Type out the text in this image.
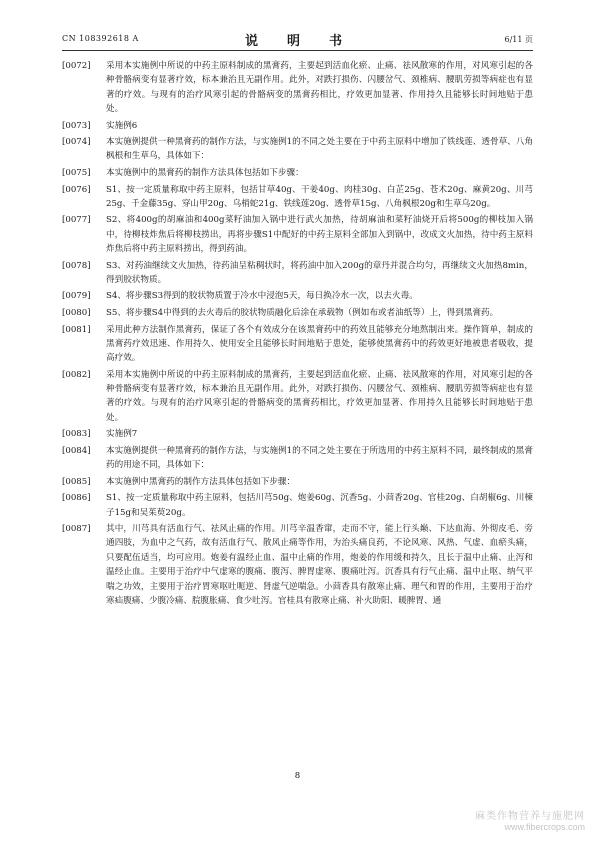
CN 108392618 A	说　明　书	6/11 页
[0072] 采用本实施例中所说的中药主原料制成的黑膏药，主要起到活血化瘀、止痛、祛风散寒的作用，对风寒引起的各种骨骼病变有显著疗效，标本兼治且无副作用。此外，对跌打损伤、闪腰岔气、颈椎病、腰肌劳损等病症也有显著的疗效。与现有的治疗风寒引起的骨骼病变的黑膏药相比，疗效更加显著、作用持久且能够长时间地贴于患处。
[0073] 实施例6
[0074] 本实施例提供一种黑膏药的制作方法，与实施例1的不同之处主要在于中药主原料中增加了铁线莲、透骨草、八角枫根和生草乌，具体如下：
[0075] 本实施例中的黑膏药的制作方法具体包括如下步骤：
[0076] S1、按一定质量称取中药主原料，包括甘草40g、干姜40g、肉桂30g、白芷25g、苍术20g、麻黄20g、川芎25g、千金藤35g、穿山甲20g、乌梢蛇21g、铁线莲20g、透骨草15g、八角枫根20g和生草乌20g。
[0077] S2、将400g的胡麻油和400g菜籽油加入锅中进行武火加热，待胡麻油和菜籽油烧开后将500g的柳枝加入锅中，待柳枝炸焦后将柳枝捞出，再将步骤S1中配好的中药主原料全部加入到锅中，改成文火加热，待中药主原料炸焦后将中药主原料捞出，得到药油。
[0078] S3、对药油继续文火加热，待药油呈粘稠状时，将药油中加入200g的章丹并混合均匀，再继续文火加热8min，得到胶状物质。
[0079] S4、将步骤S3得到的胶状物质置于冷水中浸泡5天，每日换冷水一次，以去火毒。
[0080] S5、将步骤S4中得到的去火毒后的胶状物质融化后涂在承载物（例如布或者油纸等）上，得到黑膏药。
[0081] 采用此种方法制作黑膏药，保证了各个有效成分在该黑膏药中的药效且能够充分地熬制出来。操作简单，制成的黑膏药疗效迅速、作用持久、使用安全且能够长时间地贴于患处，能够使黑膏药中的药效更好地被患者吸收，提高疗效。
[0082] 采用本实施例中所说的中药主原料制成的黑膏药，主要起到活血化瘀、止痛、祛风散寒的作用，对风寒引起的各种骨骼病变有显著疗效，标本兼治且无副作用。此外，对跌打损伤、闪腰岔气、颈椎病、腰肌劳损等病症也有显著的疗效。与现有的治疗风寒引起的骨骼病变的黑膏药相比，疗效更加显著、作用持久且能够长时间地贴于患处。
[0083] 实施例7
[0084] 本实施例提供一种黑膏药的制作方法，与实施例1的不同之处主要在于所选用的中药主原料不同，最终制成的黑膏药的用途不同，具体如下：
[0085] 本实施例中黑膏药的制作方法具体包括如下步骤：
[0086] S1、按一定质量称取中药主原料，包括川芎50g、炮姜60g、沉香5g、小茴香20g、官桂20g、白胡椒6g、川楝子15g和吴茱萸20g。
[0087] 其中，川芎具有活血行气、祛风止痛的作用。川芎辛温香窜，走而不守，能上行头巅、下达血海、外彻皮毛、旁通四肢，为血中之气药，故有活血行气、散风止痛等作用，为治头痛良药，不论风寒、风热、气虚、血瘀头痛，只要配伍适当，均可应用。炮姜有温经止血、温中止痛的作用，炮姜的作用缓和持久，且长于温中止痛、止泻和温经止血。主要用于治疗中气虚寒的腹痛、腹泻、脾胃虚寒、腹痛吐泻。沉香具有行气止痛、温中止呕、纳气平喘之功效，主要用于治疗胃寒呕吐呃逆、肾虚气逆喘急。小茴香具有散寒止痛、理气和胃的作用，主要用于治疗寒疝腹痛、少腹冷痛、脘腹胀痛、食少吐泻。官桂具有散寒止痛、补火助阳、暖脾胃、通
8
麻类作物营养与施肥网
www.fibercrops.com
